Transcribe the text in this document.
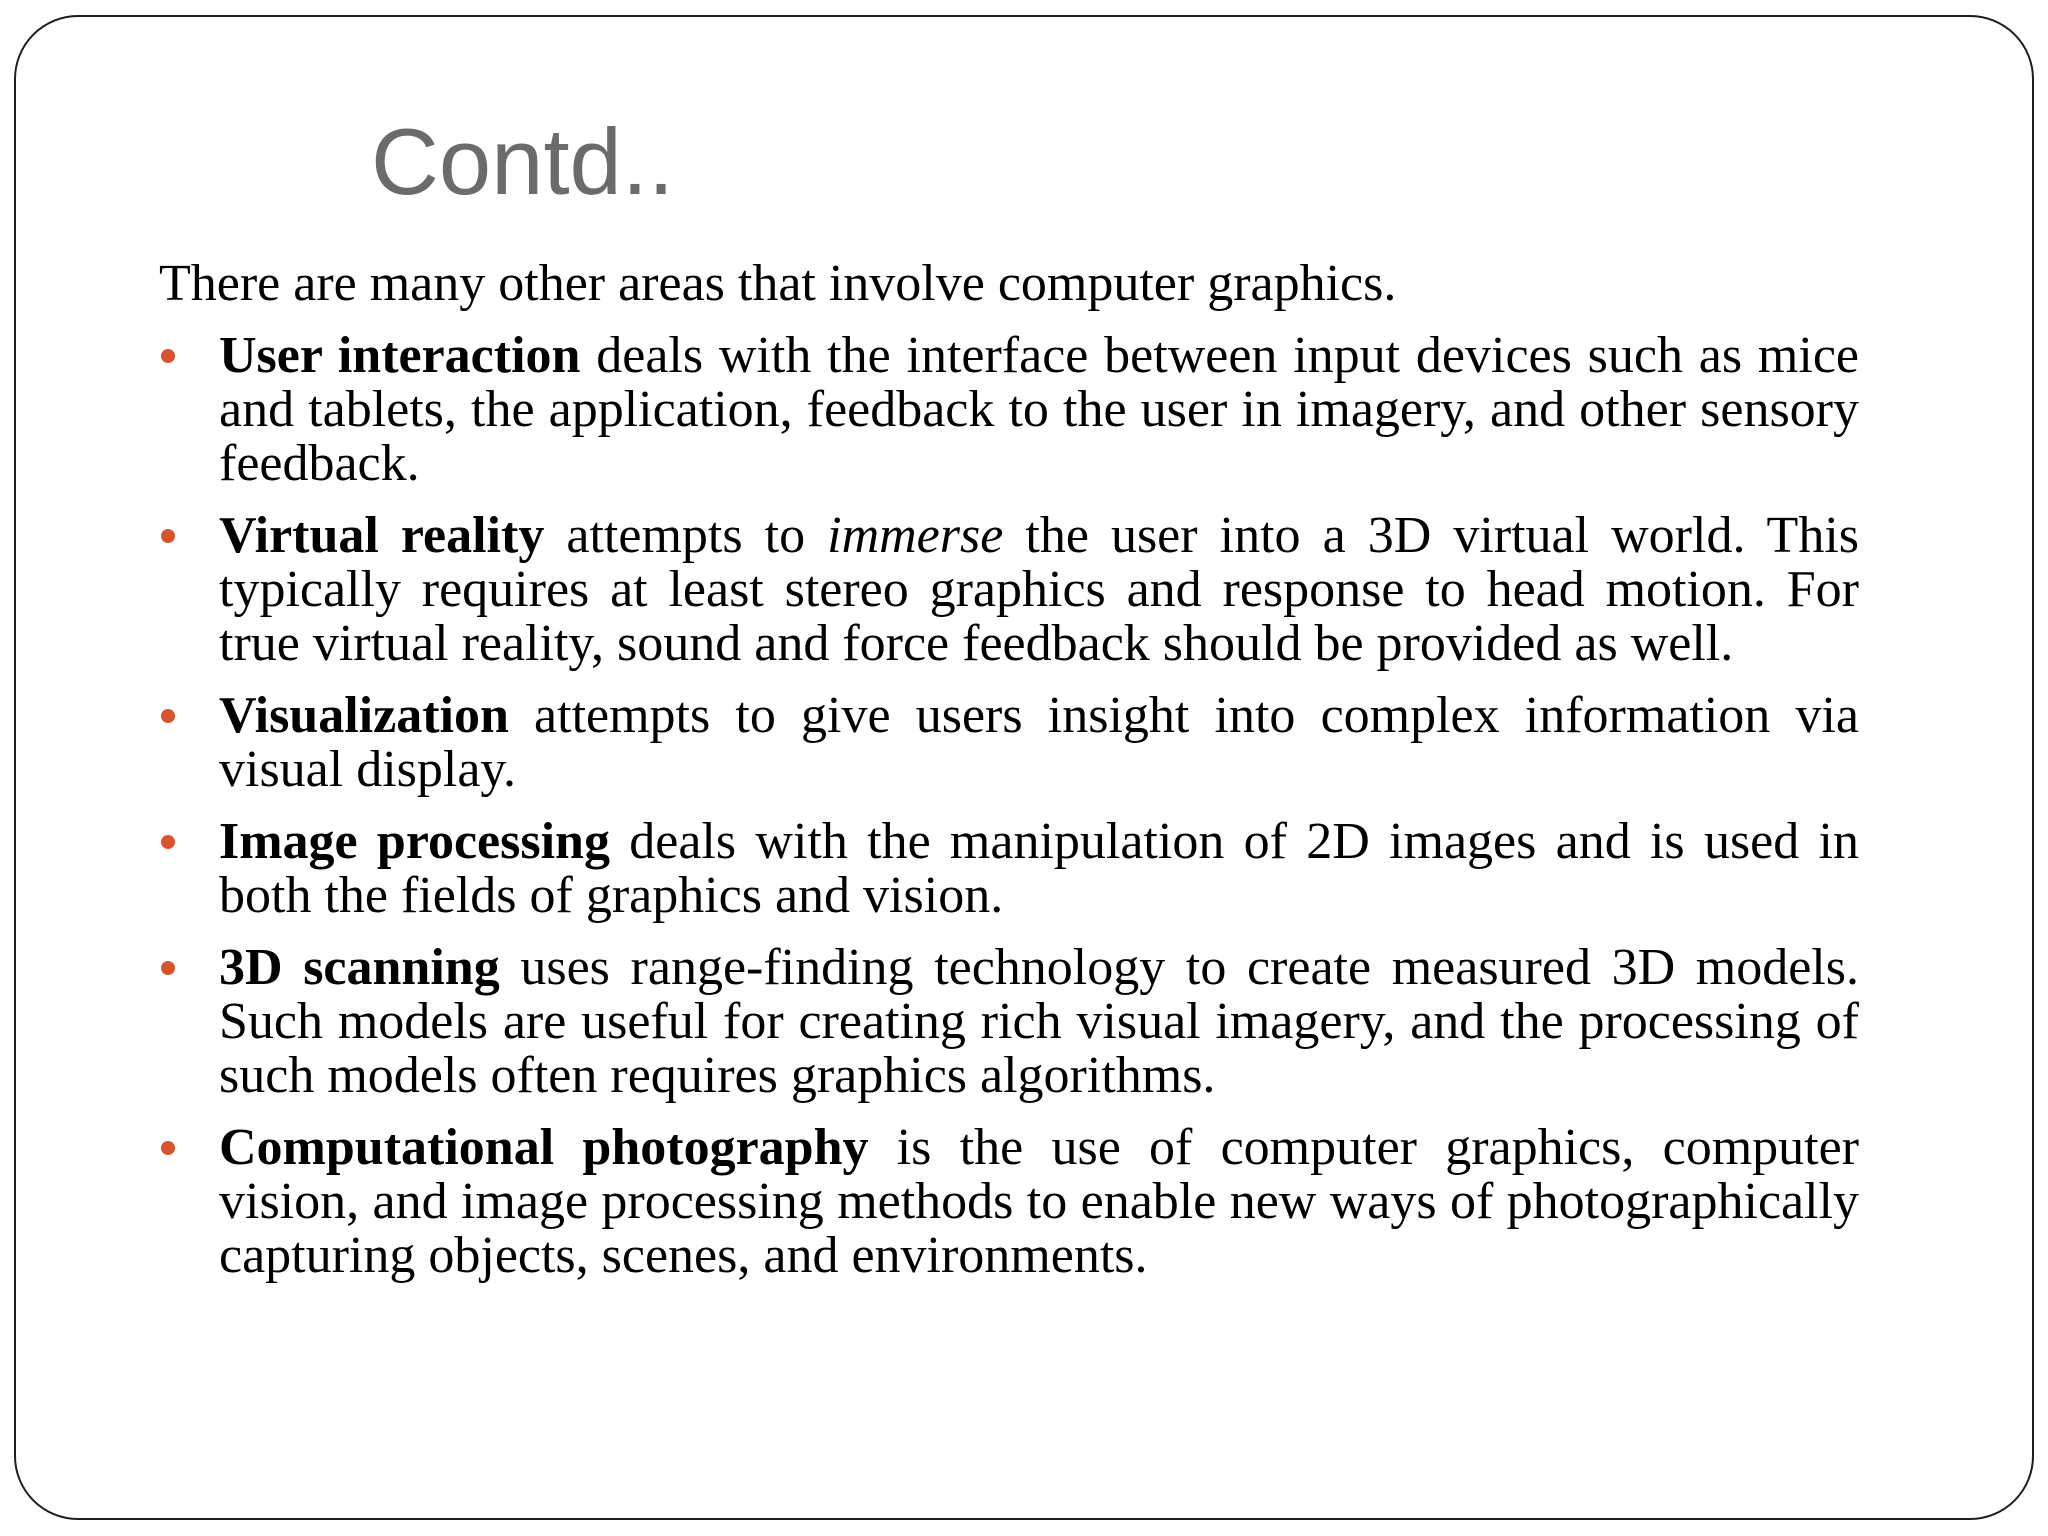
Contd..

There are many other areas that involve computer graphics.

User interaction deals with the interface between input devices such as mice and tablets, the application, feedback to the user in imagery, and other sensory feedback.
Virtual reality attempts to immerse the user into a 3D virtual world. This typically requires at least stereo graphics and response to head motion. For true virtual reality, sound and force feedback should be provided as well.
Visualization attempts to give users insight into complex information via visual display.
Image processing deals with the manipulation of 2D images and is used in both the fields of graphics and vision.
3D scanning uses range-finding technology to create measured 3D models. Such models are useful for creating rich visual imagery, and the processing of such models often requires graphics algorithms.
Computational photography is the use of computer graphics, computer vision, and image processing methods to enable new ways of photographically capturing objects, scenes, and environments.
